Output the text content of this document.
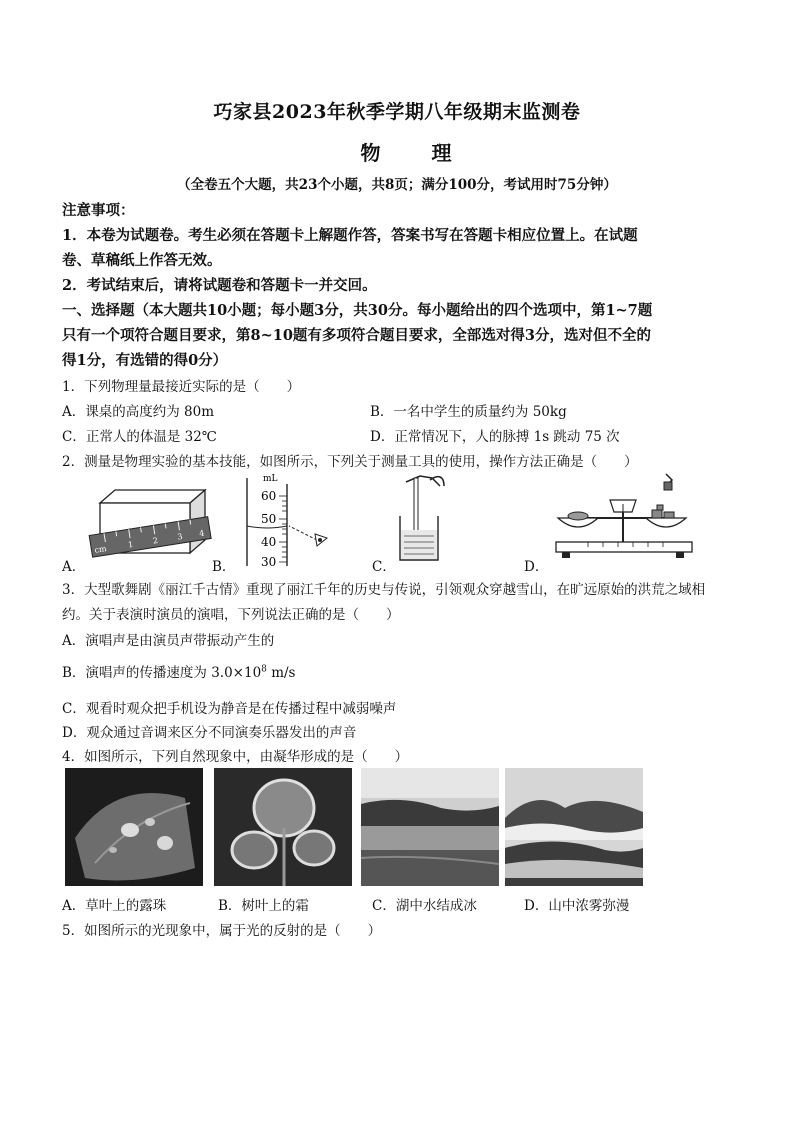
巧家县2023年秋季学期八年级期末监测卷
物 理
（全卷五个大题，共23个小题，共8页；满分100分，考试用时75分钟）
注意事项：
1．本卷为试题卷。考生必须在答题卡上解题作答，答案书写在答题卡相应位置上。在试题
卷、草稿纸上作答无效。
2．考试结束后，请将试题卷和答题卡一并交回。
一、选择题（本大题共10小题；每小题3分，共30分。每小题给出的四个选项中，第1~7题
只有一个项符合题目要求，第8~10题有多项符合题目要求，全部选对得3分，选对但不全的
得1分，有选错的得0分）
1．下列物理量最接近实际的是（　　）
A．课桌的高度约为 80m	B．一名中学生的质量约为 50kg
C．正常人的体温是 32℃	D．正常情况下，人的脉搏 1s 跳动 75 次
2．测量是物理实验的基本技能，如图所示，下列关于测量工具的使用，操作方法正确是（　　）
cm	1 2 3 4
A．
mL
60
50
40
30
B．	C．	D．
3．大型歌舞剧《丽江千古情》重现了丽江千年的历史与传说，引领观众穿越雪山，在旷远原始的洪荒之域相
约。关于表演时演员的演唱，下列说法正确的是（　　）
A．演唱声是由演员声带振动产生的
B．演唱声的传播速度为 $3.0\times 10^8$ m/s
C．观看时观众把手机设为静音是在传播过程中减弱噪声
D．观众通过音调来区分不同演奏乐器发出的声音
4．如图所示，下列自然现象中，由凝华形成的是（　　）
A．草叶上的露珠	B．树叶上的霜	C．湖中水结成冰	D．山中浓雾弥漫
5．如图所示的光现象中，属于光的反射的是（　　）
